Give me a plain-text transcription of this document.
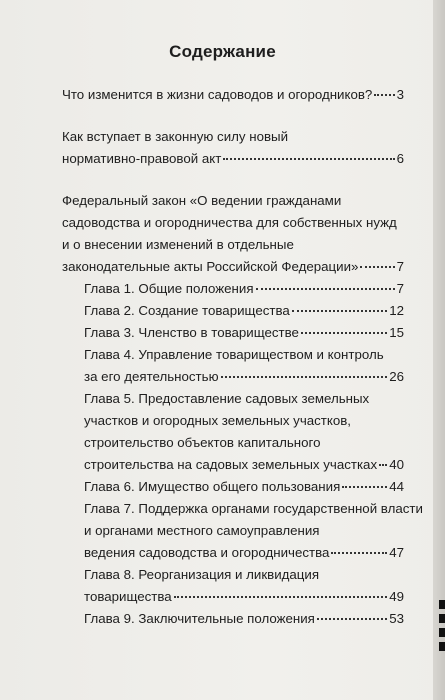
Содержание
Что изменится в жизни садоводов и огородников? 3
Как вступает в законную силу новый
нормативно-правовой акт	6
Федеральный закон «О ведении гражданами
садоводства и огородничества для собственных нужд
и о внесении изменений в отдельные
законодательные акты Российской Федерации»	7
Глава 1. Общие положения	7
Глава 2. Создание товарищества	12
Глава 3. Членство в товариществе	15
Глава 4. Управление товариществом и контроль
за его деятельностью	26
Глава 5. Предоставление садовых земельных
участков и огородных земельных участков,
строительство объектов капитального
строительства на садовых земельных участках 40
Глава 6. Имущество общего пользования	44
Глава 7. Поддержка органами государственной власти
и органами местного самоуправления
ведения садоводства и огородничества	47
Глава 8. Реорганизация и ликвидация
товарищества	49
Глава 9. Заключительные положения	53
